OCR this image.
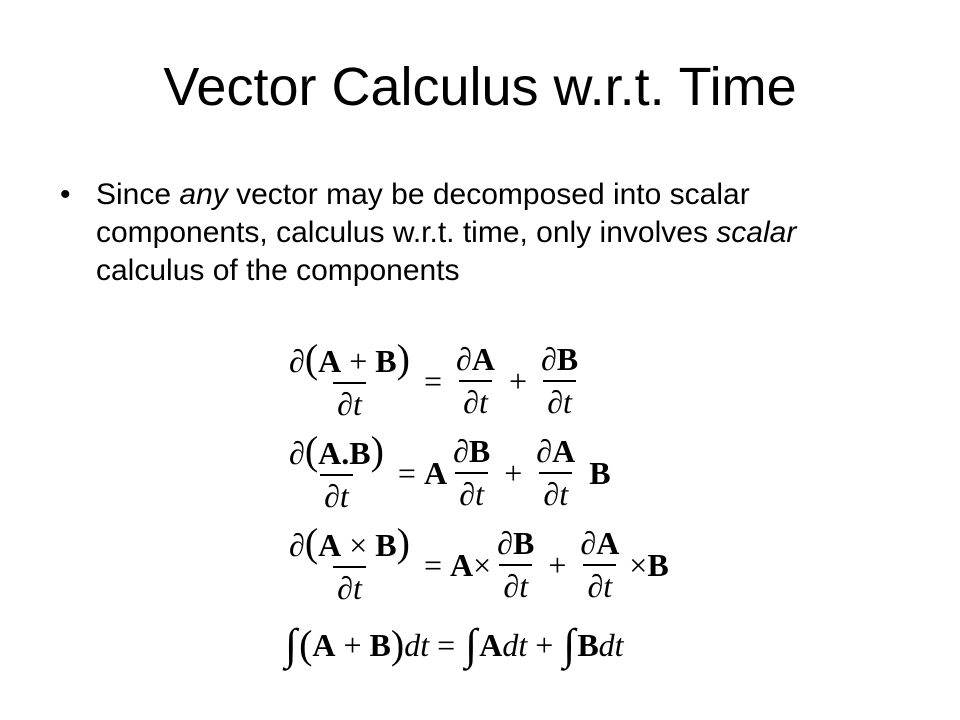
Vector Calculus w.r.t. Time
• Since any vector may be decomposed into scalar components, calculus w.r.t. time, only involves scalar calculus of the components
$\frac{\partial(A + B)}{\partial t} = \frac{\partial A}{\partial t} + \frac{\partial B}{\partial t}$
$\frac{\partial(A.B)}{\partial t} = A \frac{\partial B}{\partial t} + \frac{\partial A}{\partial t}$ B
$\frac{\partial(A \times B)}{\partial t} = A \times \frac{\partial B}{\partial t} + \frac{\partial A}{\partial t} \times B$
∫ ( A + B ) dt = ∫ A dt + ∫ B dt
